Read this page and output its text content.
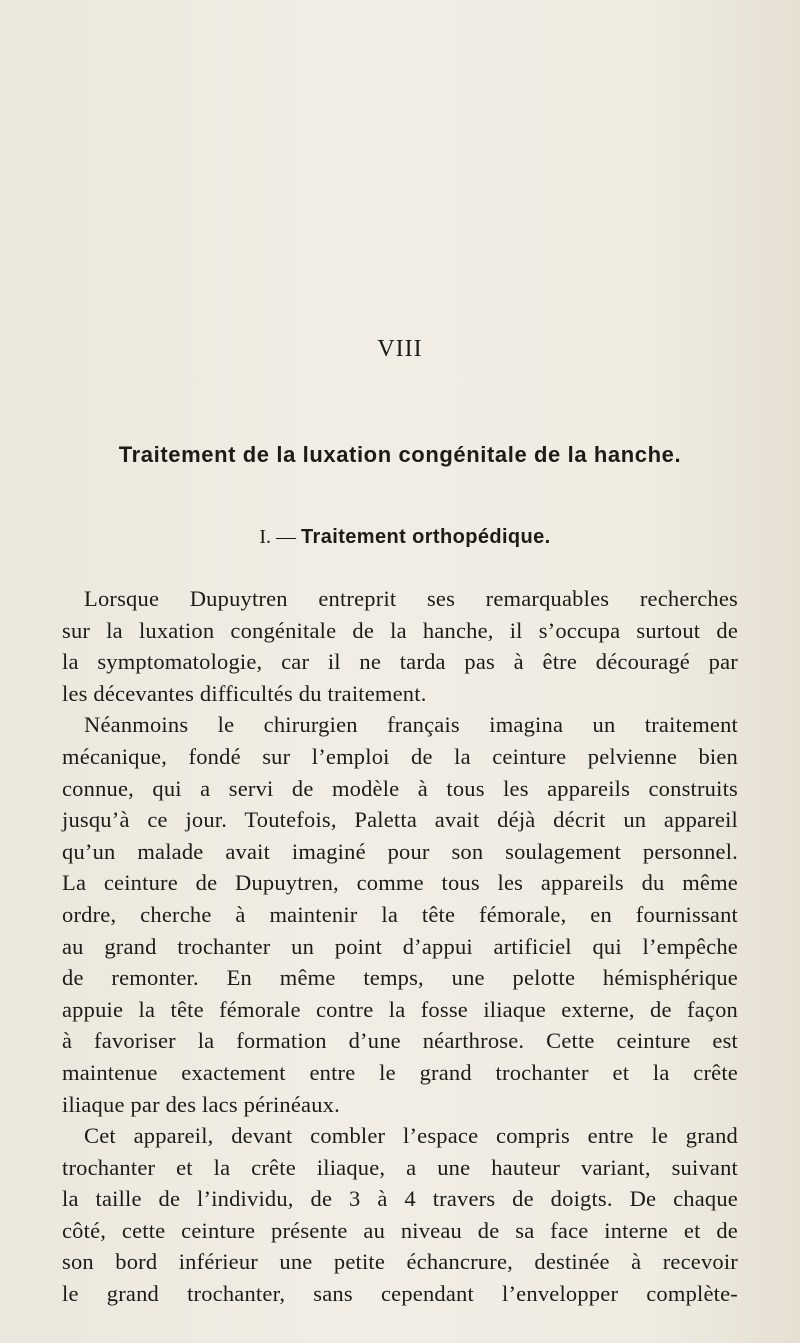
VIII
Traitement de la luxation congénitale de la hanche.
I. — Traitement orthopédique.

Lorsque Dupuytren entreprit ses remarquables recherches
sur la luxation congénitale de la hanche, il s’occupa surtout de
la symptomatologie, car il ne tarda pas à être découragé par
les décevantes difficultés du traitement.

Néanmoins le chirurgien français imagina un traitement
mécanique, fondé sur l’emploi de la ceinture pelvienne bien
connue, qui a servi de modèle à tous les appareils construits
jusqu’à ce jour. Toutefois, Paletta avait déjà décrit un appareil
qu’un malade avait imaginé pour son soulagement personnel.
La ceinture de Dupuytren, comme tous les appareils du même
ordre, cherche à maintenir la tête fémorale, en fournissant
au grand trochanter un point d’appui artificiel qui l’empêche
de remonter. En même temps, une pelotte hémisphérique
appuie la tête fémorale contre la fosse iliaque externe, de façon
à favoriser la formation d’une néarthrose. Cette ceinture est
maintenue exactement entre le grand trochanter et la crête
iliaque par des lacs périnéaux.

Cet appareil, devant combler l’espace compris entre le grand
trochanter et la crête iliaque, a une hauteur variant, suivant
la taille de l’individu, de 3 à 4 travers de doigts. De chaque
côté, cette ceinture présente au niveau de sa face interne et de
son bord inférieur une petite échancrure, destinée à recevoir
le grand trochanter, sans cependant l’envelopper complète-
